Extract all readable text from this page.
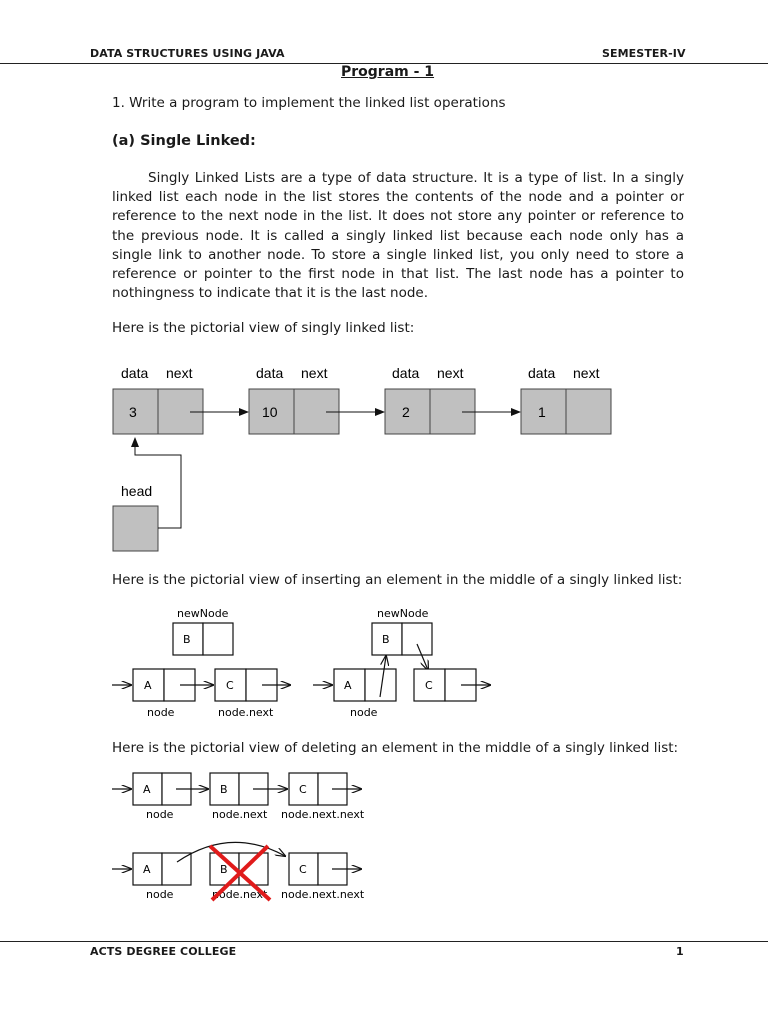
DATA STRUCTURES USING JAVA	SEMESTER-IV
Program - 1
1. Write a program to implement the linked list operations
(a) Single Linked:
Singly Linked Lists are a type of data structure. It is a type of list. In a singly linked list each node in the list stores the contents of the node and a pointer or reference to the next node in the list. It does not store any pointer or reference to the previous node. It is called a singly linked list because each node only has a single link to another node. To store a single linked list, you only need to store a reference or pointer to the first node in that list. The last node has a pointer to nothingness to indicate that it is the last node.
Here is the pictorial view of singly linked list:
data next
3
data next
10
data next
2
data next
1
head
Here is the pictorial view of inserting an element in the middle of a singly linked list:
newNode
B
A	C
node	node.next
newNode
B
A	C
node
Here is the pictorial view of deleting an element in the middle of a singly linked list:
A	B	C
node	node.next node.next.next
A	B	C
node	node.next node.next.next
ACTS DEGREE COLLEGE	1
